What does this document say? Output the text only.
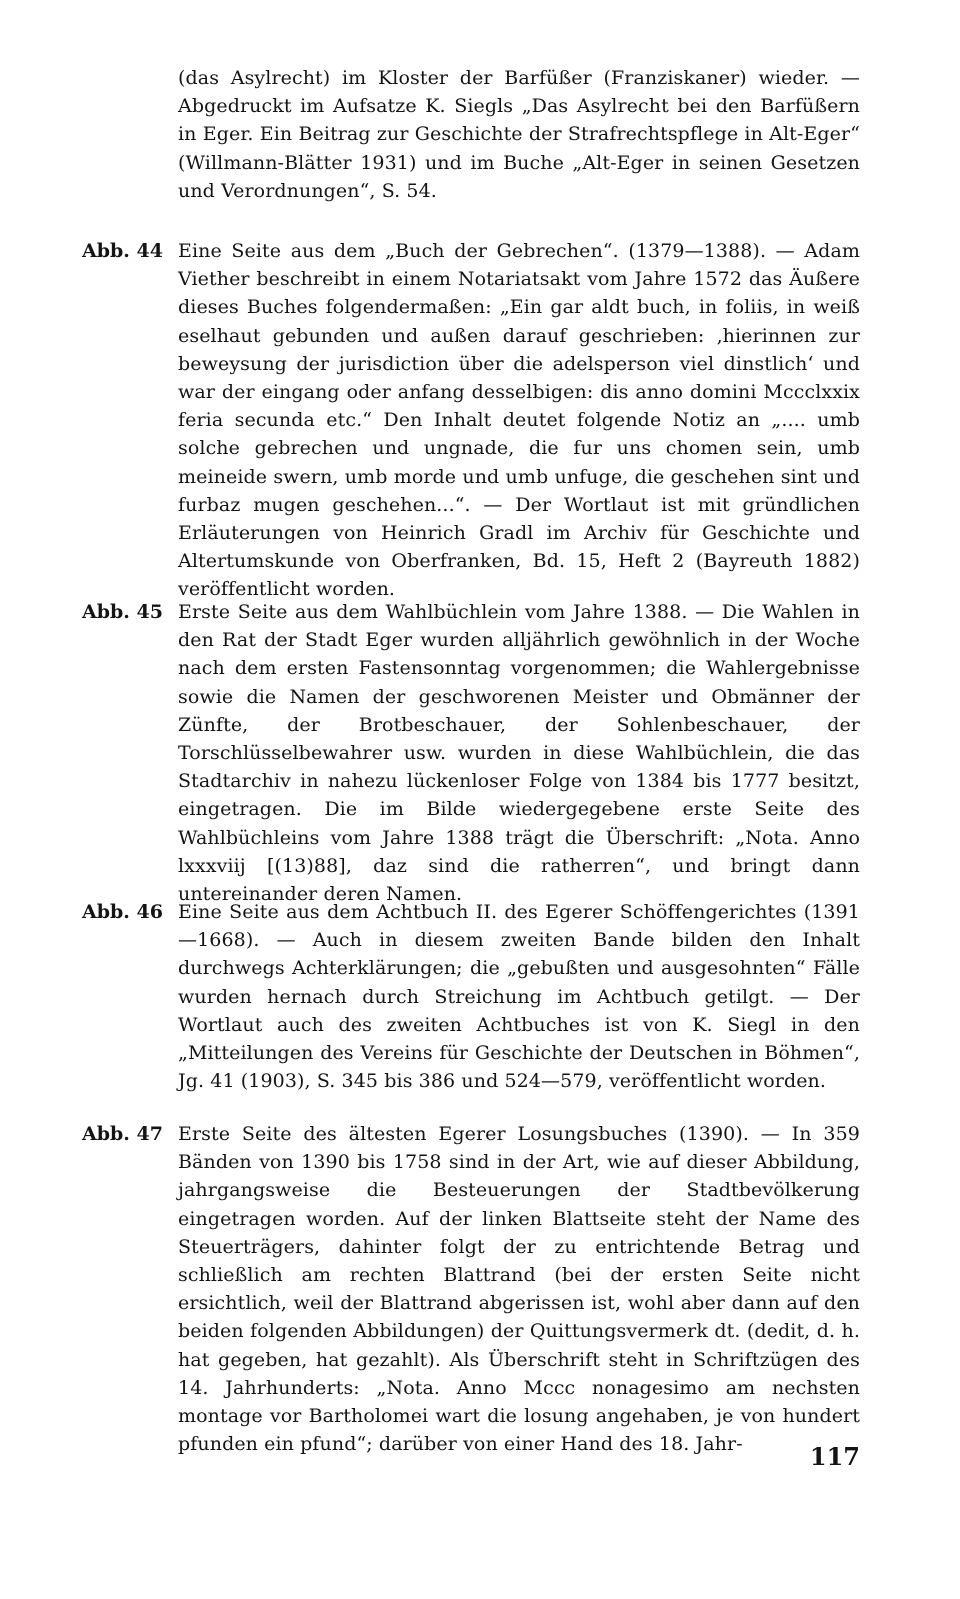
(das Asylrecht) im Kloster der Barfüßer (Franziskaner) wieder. — Abgedruckt im Aufsatze K. Siegls „Das Asylrecht bei den Barfüßern in Eger. Ein Beitrag zur Geschichte der Strafrechtspflege in Alt-Eger“ (Willmann-Blätter 1931) und im Buche „Alt-Eger in seinen Gesetzen und Verordnungen“, S. 54.

Abb. 44 Eine Seite aus dem „Buch der Gebrechen“. (1379—1388). — Adam Viether beschreibt in einem Notariatsakt vom Jahre 1572 das Äußere dieses Buches folgendermaßen: „Ein gar aldt buch, in foliis, in weiß eselhaut gebunden und außen darauf geschrieben: ‚hierinnen zur beweysung der jurisdiction über die adelsperson viel dinstlich‘ und war der eingang oder anfang desselbigen: dis anno domini Mccclxxix feria secunda etc.“ Den Inhalt deutet folgende Notiz an „.... umb solche gebrechen und ungnade, die fur uns chomen sein, umb meineide swern, umb morde und umb unfuge, die geschehen sint und furbaz mugen geschehen...“. — Der Wortlaut ist mit gründlichen Erläuterungen von Heinrich Gradl im Archiv für Geschichte und Altertumskunde von Oberfranken, Bd. 15, Heft 2 (Bayreuth 1882) veröffentlicht worden.

Abb. 45 Erste Seite aus dem Wahlbüchlein vom Jahre 1388. — Die Wahlen in den Rat der Stadt Eger wurden alljährlich gewöhnlich in der Woche nach dem ersten Fastensonntag vorgenommen; die Wahlergebnisse sowie die Namen der geschworenen Meister und Obmänner der Zünfte, der Brotbeschauer, der Sohlenbeschauer, der Torschlüsselbewahrer usw. wurden in diese Wahlbüchlein, die das Stadtarchiv in nahezu lückenloser Folge von 1384 bis 1777 besitzt, eingetragen. Die im Bilde wiedergegebene erste Seite des Wahlbüchleins vom Jahre 1388 trägt die Überschrift: „Nota. Anno lxxxviij [(13)88], daz sind die ratherren“, und bringt dann untereinander deren Namen.

Abb. 46 Eine Seite aus dem Achtbuch II. des Egerer Schöffengerichtes (1391—1668). — Auch in diesem zweiten Bande bilden den Inhalt durchwegs Achterklärungen; die „gebußten und ausgesohnten“ Fälle wurden hernach durch Streichung im Achtbuch getilgt. — Der Wortlaut auch des zweiten Achtbuches ist von K. Siegl in den „Mitteilungen des Vereins für Geschichte der Deutschen in Böhmen“, Jg. 41 (1903), S. 345 bis 386 und 524—579, veröffentlicht worden.

Abb. 47 Erste Seite des ältesten Egerer Losungsbuches (1390). — In 359 Bänden von 1390 bis 1758 sind in der Art, wie auf dieser Abbildung, jahrgangsweise die Besteuerungen der Stadtbevölkerung eingetragen worden. Auf der linken Blattseite steht der Name des Steuerträgers, dahinter folgt der zu entrichtende Betrag und schließlich am rechten Blattrand (bei der ersten Seite nicht ersichtlich, weil der Blattrand abgerissen ist, wohl aber dann auf den beiden folgenden Abbildungen) der Quittungsvermerk dt. (dedit, d. h. hat gegeben, hat gezahlt). Als Überschrift steht in Schriftzügen des 14. Jahrhunderts: „Nota. Anno Mccc nonagesimo am nechsten montage vor Bartholomei wart die losung angehaben, je von hundert pfunden ein pfund“; darüber von einer Hand des 18. Jahr-	117
